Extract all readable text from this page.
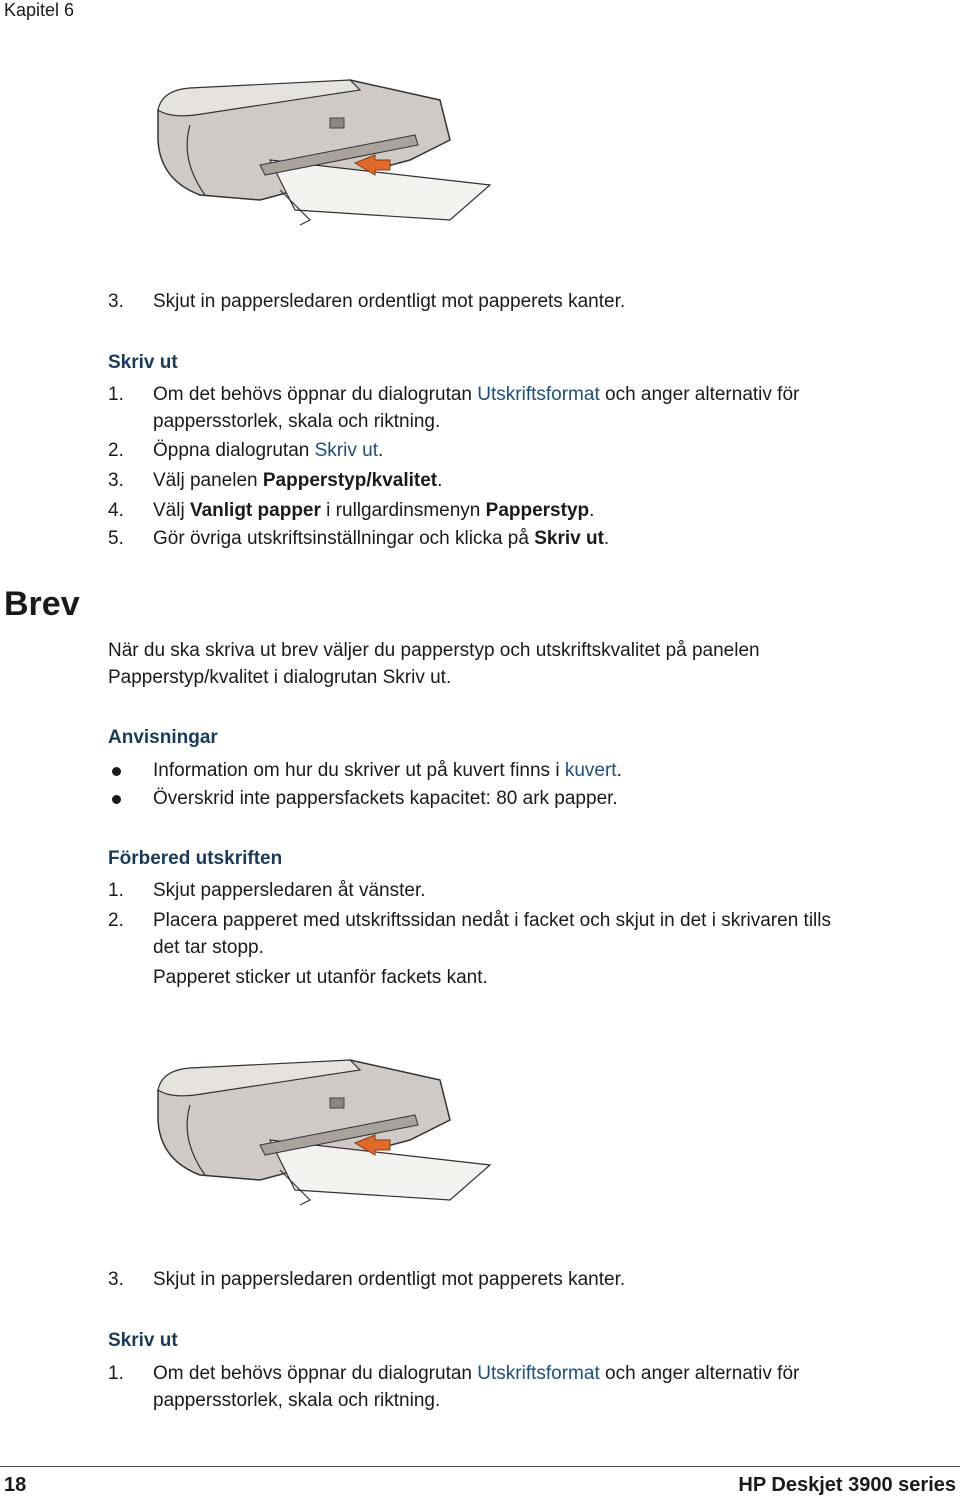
Kapitel 6
3. Skjut in pappersledaren ordentligt mot papperets kanter.
Skriv ut
1. Om det behövs öppnar du dialogrutan Utskriftsformat och anger alternativ för
pappersstorlek, skala och riktning.
2. Öppna dialogrutan Skriv ut.
3. Välj panelen Papperstyp/kvalitet.
4. Välj Vanligt papper i rullgardinsmenyn Papperstyp.
5. Gör övriga utskriftsinställningar och klicka på Skriv ut.
Brev
När du ska skriva ut brev väljer du papperstyp och utskriftskvalitet på panelen
Papperstyp/kvalitet i dialogrutan Skriv ut.
Anvisningar
Information om hur du skriver ut på kuvert finns i kuvert.
Överskrid inte pappersfackets kapacitet: 80 ark papper.
Förbered utskriften
1. Skjut pappersledaren åt vänster.
2. Placera papperet med utskriftssidan nedåt i facket och skjut in det i skrivaren tills
det tar stopp.
Papperet sticker ut utanför fackets kant.
3. Skjut in pappersledaren ordentligt mot papperets kanter.
Skriv ut
1. Om det behövs öppnar du dialogrutan Utskriftsformat och anger alternativ för
pappersstorlek, skala och riktning.
18	HP Deskjet 3900 series
